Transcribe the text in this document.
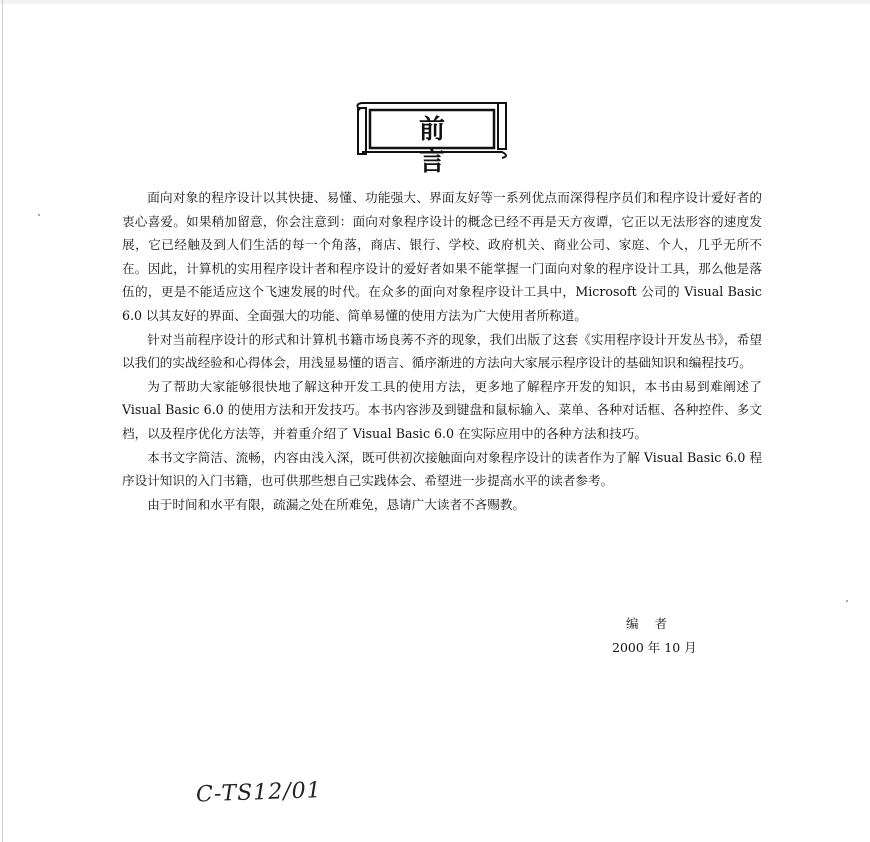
前 言

面向对象的程序设计以其快捷、易懂、功能强大、界面友好等一系列优点而深得程序员们和程序设计爱好者的衷心喜爱。如果稍加留意，你会注意到：面向对象程序设计的概念已经不再是天方夜谭，它正以无法形容的速度发展，它已经触及到人们生活的每一个角落，商店、银行、学校、政府机关、商业公司、家庭、个人，几乎无所不在。因此，计算机的实用程序设计者和程序设计的爱好者如果不能掌握一门面向对象的程序设计工具，那么他是落伍的，更是不能适应这个飞速发展的时代。在众多的面向对象程序设计工具中，Microsoft 公司的 Visual Basic 6.0 以其友好的界面、全面强大的功能、简单易懂的使用方法为广大使用者所称道。

针对当前程序设计的形式和计算机书籍市场良莠不齐的现象，我们出版了这套《实用程序设计开发丛书》，希望以我们的实战经验和心得体会，用浅显易懂的语言、循序渐进的方法向大家展示程序设计的基础知识和编程技巧。

为了帮助大家能够很快地了解这种开发工具的使用方法，更多地了解程序开发的知识，本书由易到难阐述了 Visual Basic 6.0 的使用方法和开发技巧。本书内容涉及到键盘和鼠标输入、菜单、各种对话框、各种控件、多文档，以及程序优化方法等，并着重介绍了 Visual Basic 6.0 在实际应用中的各种方法和技巧。

本书文字简洁、流畅，内容由浅入深，既可供初次接触面向对象程序设计的读者作为了解 Visual Basic 6.0 程序设计知识的入门书籍，也可供那些想自己实践体会、希望进一步提高水平的读者参考。

由于时间和水平有限，疏漏之处在所难免，恳请广大读者不吝赐教。

编 者
2000 年 10 月
C-TS12/01
